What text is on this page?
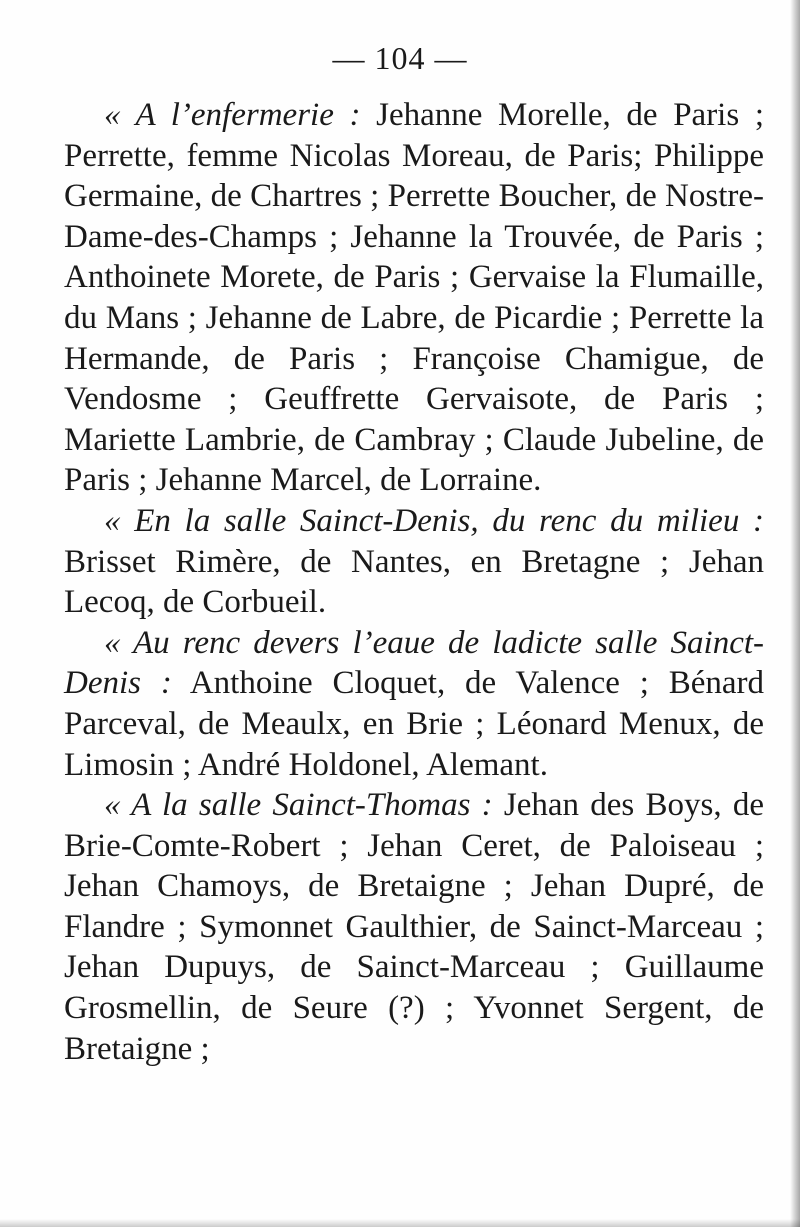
— 104 —

« A l’enfermerie : Jehanne Morelle, de Paris ; Perrette, femme Nicolas Moreau, de Paris; Philippe Germaine, de Chartres ; Perrette Boucher, de Nostre-Dame-des-Champs ; Jehanne la Trouvée, de Paris ; Anthoinete Morete, de Paris ; Gervaise la Flumaille, du Mans ; Jehanne de Labre, de Picardie ; Perrette la Hermande, de Paris ; Françoise Chamigue, de Vendosme ; Geuffrette Gervaisote, de Paris ; Mariette Lambrie, de Cambray ; Claude Jubeline, de Paris ; Jehanne Marcel, de Lorraine.

« En la salle Sainct-Denis, du renc du milieu : Brisset Rimère, de Nantes, en Bretagne ; Jehan Lecoq, de Corbueil.

« Au renc devers l’eaue de ladicte salle Sainct-Denis : Anthoine Cloquet, de Valence ; Bénard Parceval, de Meaulx, en Brie ; Léonard Menux, de Limosin ; André Holdonel, Alemant.

« A la salle Sainct-Thomas : Jehan des Boys, de Brie-Comte-Robert ; Jehan Ceret, de Paloiseau ; Jehan Chamoys, de Bretaigne ; Jehan Dupré, de Flandre ; Symonnet Gaulthier, de Sainct-Marceau ; Jehan Dupuys, de Sainct-Marceau ; Guillaume Grosmellin, de Seure (?) ; Yvonnet Sergent, de Bretaigne ;
